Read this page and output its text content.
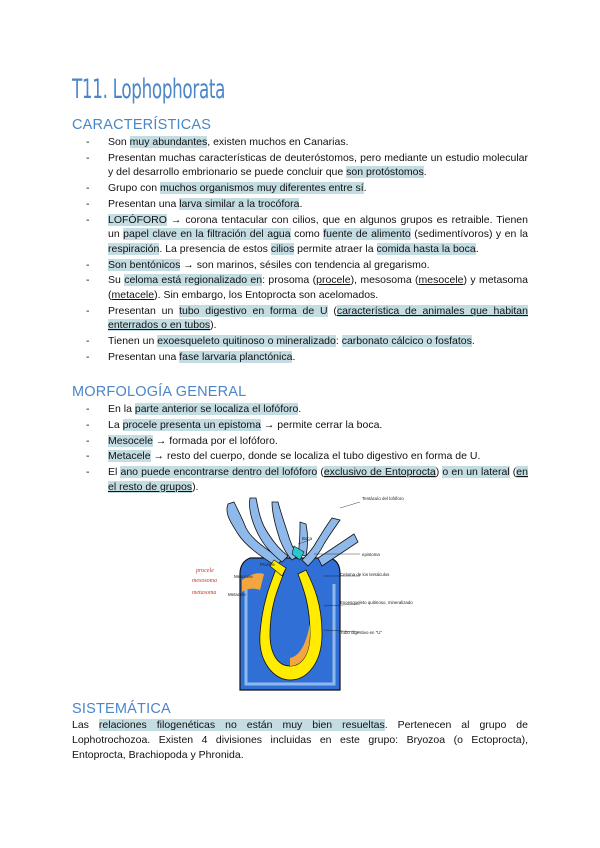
T11. Lophophorata
CARACTERÍSTICAS
- Son muy abundantes, existen muchos en Canarias.
- Presentan muchas características de deuteróstomos, pero mediante un estudio molecular y del desarrollo embrionario se puede concluir que son protóstomos.
- Grupo con muchos organismos muy diferentes entre sí.
- Presentan una larva similar a la trocófora.
- LOFÓFORO → corona tentacular con cilios, que en algunos grupos es retraible. Tienen un papel clave en la filtración del agua como fuente de alimento (sedimentívoros) y en la respiración. La presencia de estos cilios permite atraer la comida hasta la boca.
- Son bentónicos → son marinos, sésiles con tendencia al gregarismo.
- Su celoma está regionalizado en: prosoma (procele), mesosoma (mesocele) y metasoma (metacele). Sin embargo, los Entoprocta son acelomados.
- Presentan un tubo digestivo en forma de U (característica de animales que habitan enterrados o en tubos).
- Tienen un exoesqueleto quitinoso o mineralizado: carbonato cálcico o fosfatos.
- Presentan una fase larvaria planctónica.
MORFOLOGÍA GENERAL
- En la parte anterior se localiza el lofóforo.
- La procele presenta un epistoma → permite cerrar la boca.
- Mesocele → formada por el lofóforo.
- Metacele → resto del cuerpo, donde se localiza el tubo digestivo en forma de U.
- El ano puede encontrarse dentro del lofóforo (exclusivo de Entoprocta) o en un lateral (en el resto de grupos).
Tentáculo del lofóforo
Boca
epistoma
Procele
Mesocele
Metacele
Celoma de los tentáculos
Exoesqueleto quitinoso, mineralizado
Tubo digestivo en "U"
procele
mesosoma
metasoma
SISTEMÁTICA

Las relaciones filogenéticas no están muy bien resueltas. Pertenecen al grupo de Lophotrochozoa. Existen 4 divisiones incluidas en este grupo: Bryozoa (o Ectoprocta), Entoprocta, Brachiopoda y Phronida.
